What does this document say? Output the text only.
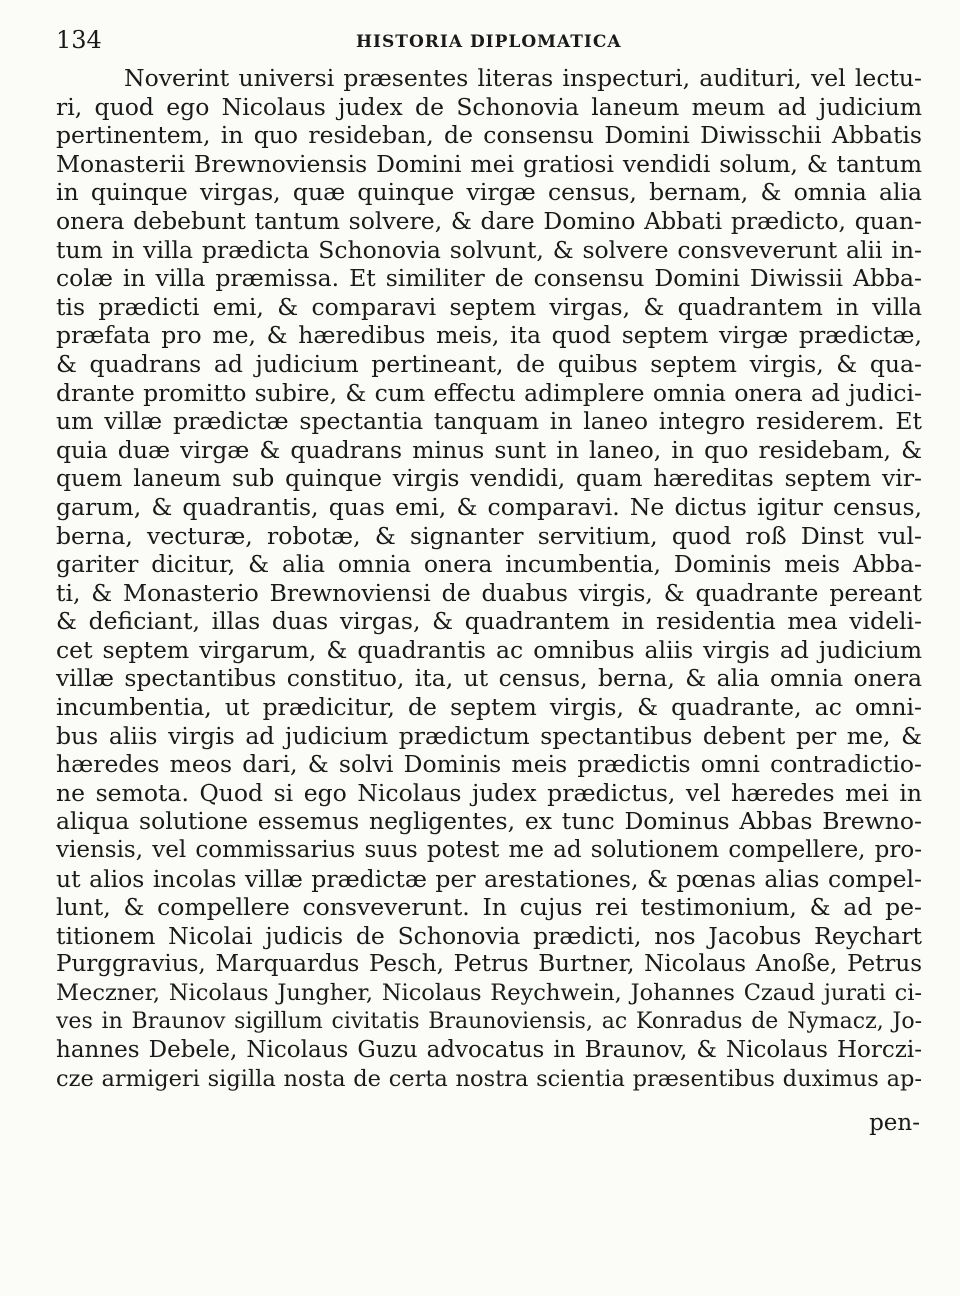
134	HISTORIA DIPLOMATICA
Noverint universi præsentes literas inspecturi, audituri, vel lectu-
ri, quod ego Nicolaus judex de Schonovia laneum meum ad judicium
pertinentem, in quo resideban, de consensu Domini Diwisschii Abbatis
Monasterii Brewnoviensis Domini mei gratiosi vendidi solum, & tantum
in quinque virgas, quæ quinque virgæ census, bernam, & omnia alia
onera debebunt tantum solvere, & dare Domino Abbati prædicto, quan-
tum in villa prædicta Schonovia solvunt, & solvere consveverunt alii in-
colæ in villa præmissa. Et similiter de consensu Domini Diwissii Abba-
tis prædicti emi, & comparavi septem virgas, & quadrantem in villa
præfata pro me, & hæredibus meis, ita quod septem virgæ prædictæ,
& quadrans ad judicium pertineant, de quibus septem virgis, & qua-
drante promitto subire, & cum effectu adimplere omnia onera ad judici-
um villæ prædictæ spectantia tanquam in laneo integro residerem. Et
quia duæ virgæ & quadrans minus sunt in laneo, in quo residebam, &
quem laneum sub quinque virgis vendidi, quam hæreditas septem vir-
garum, & quadrantis, quas emi, & comparavi. Ne dictus igitur census,
berna, vecturæ, robotæ, & signanter servitium, quod roß Dinst vul-
gariter dicitur, & alia omnia onera incumbentia, Dominis meis Abba-
ti, & Monasterio Brewnoviensi de duabus virgis, & quadrante pereant
& deficiant, illas duas virgas, & quadrantem in residentia mea videli-
cet septem virgarum, & quadrantis ac omnibus aliis virgis ad judicium
villæ spectantibus constituo, ita, ut census, berna, & alia omnia onera
incumbentia, ut prædicitur, de septem virgis, & quadrante, ac omni-
bus aliis virgis ad judicium prædictum spectantibus debent per me, &
hæredes meos dari, & solvi Dominis meis prædictis omni contradictio-
ne semota. Quod si ego Nicolaus judex prædictus, vel hæredes mei in
aliqua solutione essemus negligentes, ex tunc Dominus Abbas Brewno-
viensis, vel commissarius suus potest me ad solutionem compellere, pro-
ut alios incolas villæ prædictæ per arestationes, & pœnas alias compel-
lunt, & compellere consveverunt. In cujus rei testimonium, & ad pe-
titionem Nicolai judicis de Schonovia prædicti, nos Jacobus Reychart
Purggravius, Marquardus Pesch, Petrus Burtner, Nicolaus Anoße, Petrus
Meczner, Nicolaus Jungher, Nicolaus Reychwein, Johannes Czaud jurati ci-
ves in Braunov sigillum civitatis Braunoviensis, ac Konradus de Nymacz, Jo-
hannes Debele, Nicolaus Guzu advocatus in Braunov, & Nicolaus Horczi-
cze armigeri sigilla nosta de certa nostra scientia præsentibus duximus ap-
pen-
